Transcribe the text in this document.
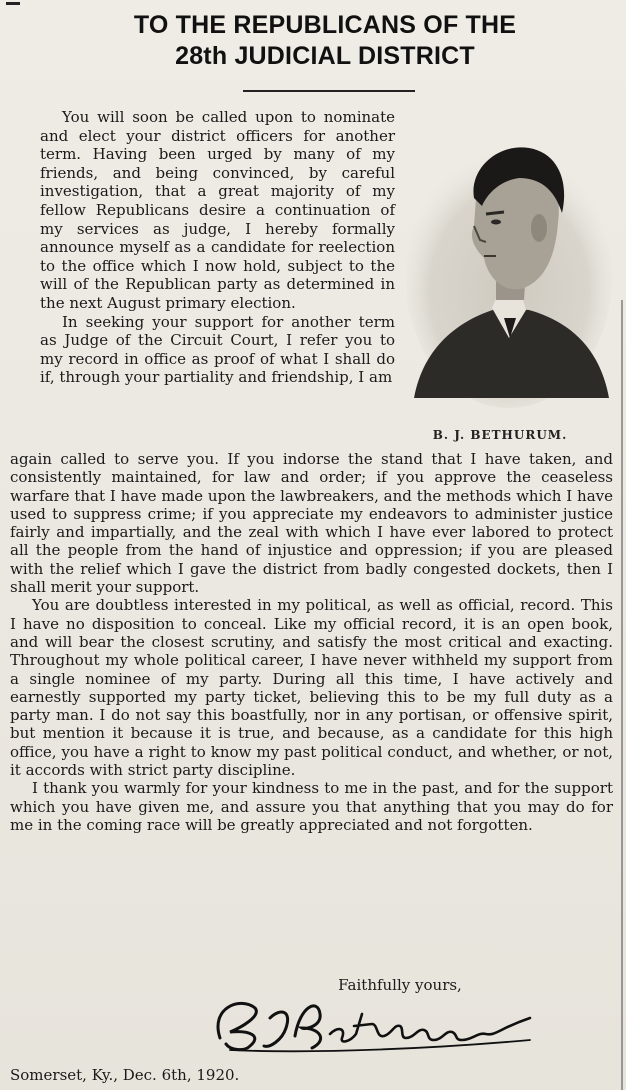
TO THE REPUBLICANS OF THE
28th JUDICIAL DISTRICT

You will soon be called upon to nominate and elect your district officers for another term. Having been urged by many of my friends, and being convinced, by careful investigation, that a great majority of my fellow Republicans desire a continuation of my services as judge, I hereby formally announce myself as a candidate for reelection to the office which I now hold, subject to the will of the Republican party as determined in the next August primary election.

In seeking your support for another term as Judge of the Circuit Court, I refer you to my record in office as proof of what I shall do if, through your partiality and friendship, I am

B. J. BETHURUM.

again called to serve you. If you indorse the stand that I have taken, and consistently maintained, for law and order; if you approve the ceaseless warfare that I have made upon the lawbreakers, and the methods which I have used to suppress crime; if you appreciate my endeavors to administer justice fairly and impartially, and the zeal with which I have ever labored to protect all the people from the hand of injustice and oppression; if you are pleased with the relief which I gave the district from badly congested dockets, then I shall merit your support.

You are doubtless interested in my political, as well as official, record. This I have no disposition to conceal. Like my official record, it is an open book, and will bear the closest scrutiny, and satisfy the most critical and exacting. Throughout my whole political career, I have never withheld my support from a single nominee of my party. During all this time, I have actively and earnestly supported my party ticket, believing this to be my full duty as a party man. I do not say this boastfully, nor in any portisan, or offensive spirit, but mention it because it is true, and because, as a candidate for this high office, you have a right to know my past political conduct, and whether, or not, it accords with strict party discipline.

I thank you warmly for your kindness to me in the past, and for the support which you have given me, and assure you that anything that you may do for me in the coming race will be greatly appreciated and not forgotten.

Faithfully yours,
Somerset, Ky., Dec. 6th, 1920.
